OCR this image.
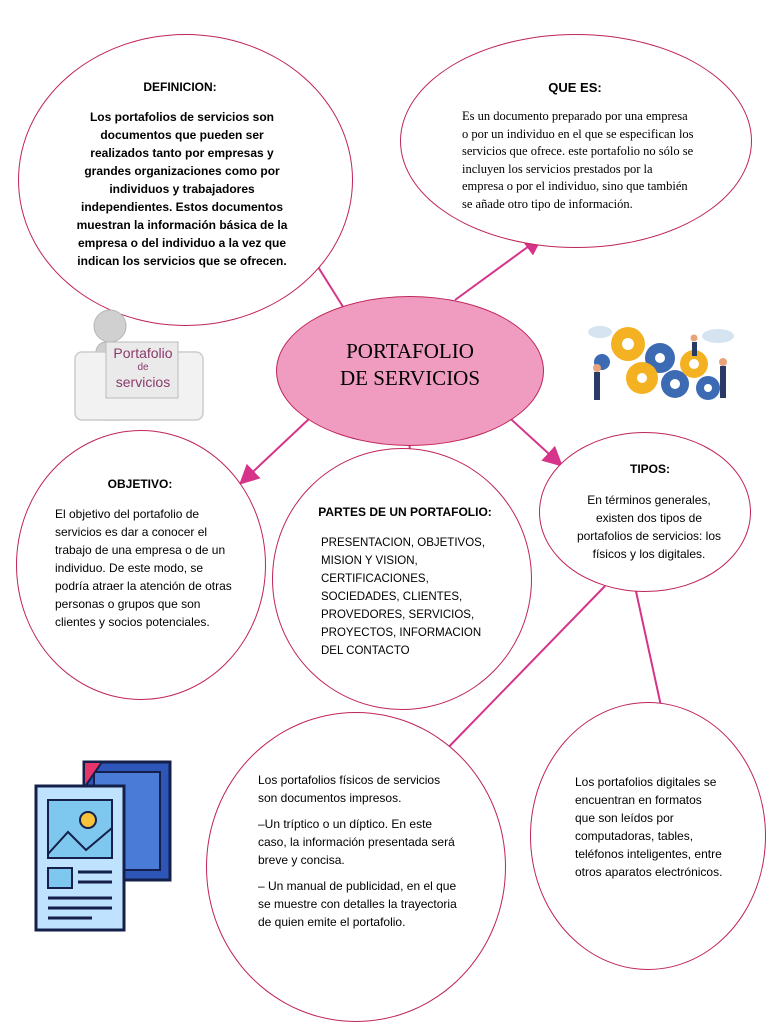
DEFINICION:
Los portafolios de servicios son documentos que pueden ser realizados tanto por empresas y grandes organizaciones como por individuos y trabajadores independientes. Estos documentos muestran la información básica de la empresa o del individuo a la vez que indican los servicios que se ofrecen.
QUE ES:
Es un documento preparado por una empresa o por un individuo en el que se especifican los servicios que ofrece. este portafolio no sólo se incluyen los servicios prestados por la empresa o por el individuo, sino que también se añade otro tipo de información.
Portafolio
de
servicios
PORTAFOLIO DE SERVICIOS
OBJETIVO:
El objetivo del portafolio de servicios es dar a conocer el trabajo de una empresa o de un individuo. De este modo, se podría atraer la atención de otras personas o grupos que son clientes y socios potenciales.
PARTES DE UN PORTAFOLIO:
PRESENTACION, OBJETIVOS, MISION Y VISION, CERTIFICACIONES, SOCIEDADES, CLIENTES, PROVEDORES, SERVICIOS, PROYECTOS, INFORMACION DEL CONTACTO
TIPOS:
En términos generales, existen dos tipos de portafolios de servicios: los físicos y los digitales.

Los portafolios físicos de servicios son documentos impresos.

–Un tríptico o un díptico. En este caso, la información presentada será breve y concisa.

– Un manual de publicidad, en el que se muestre con detalles la trayectoria de quien emite el portafolio.

Los portafolios digitales se encuentran en formatos que son leídos por computadoras, tables, teléfonos inteligentes, entre otros aparatos electrónicos.
